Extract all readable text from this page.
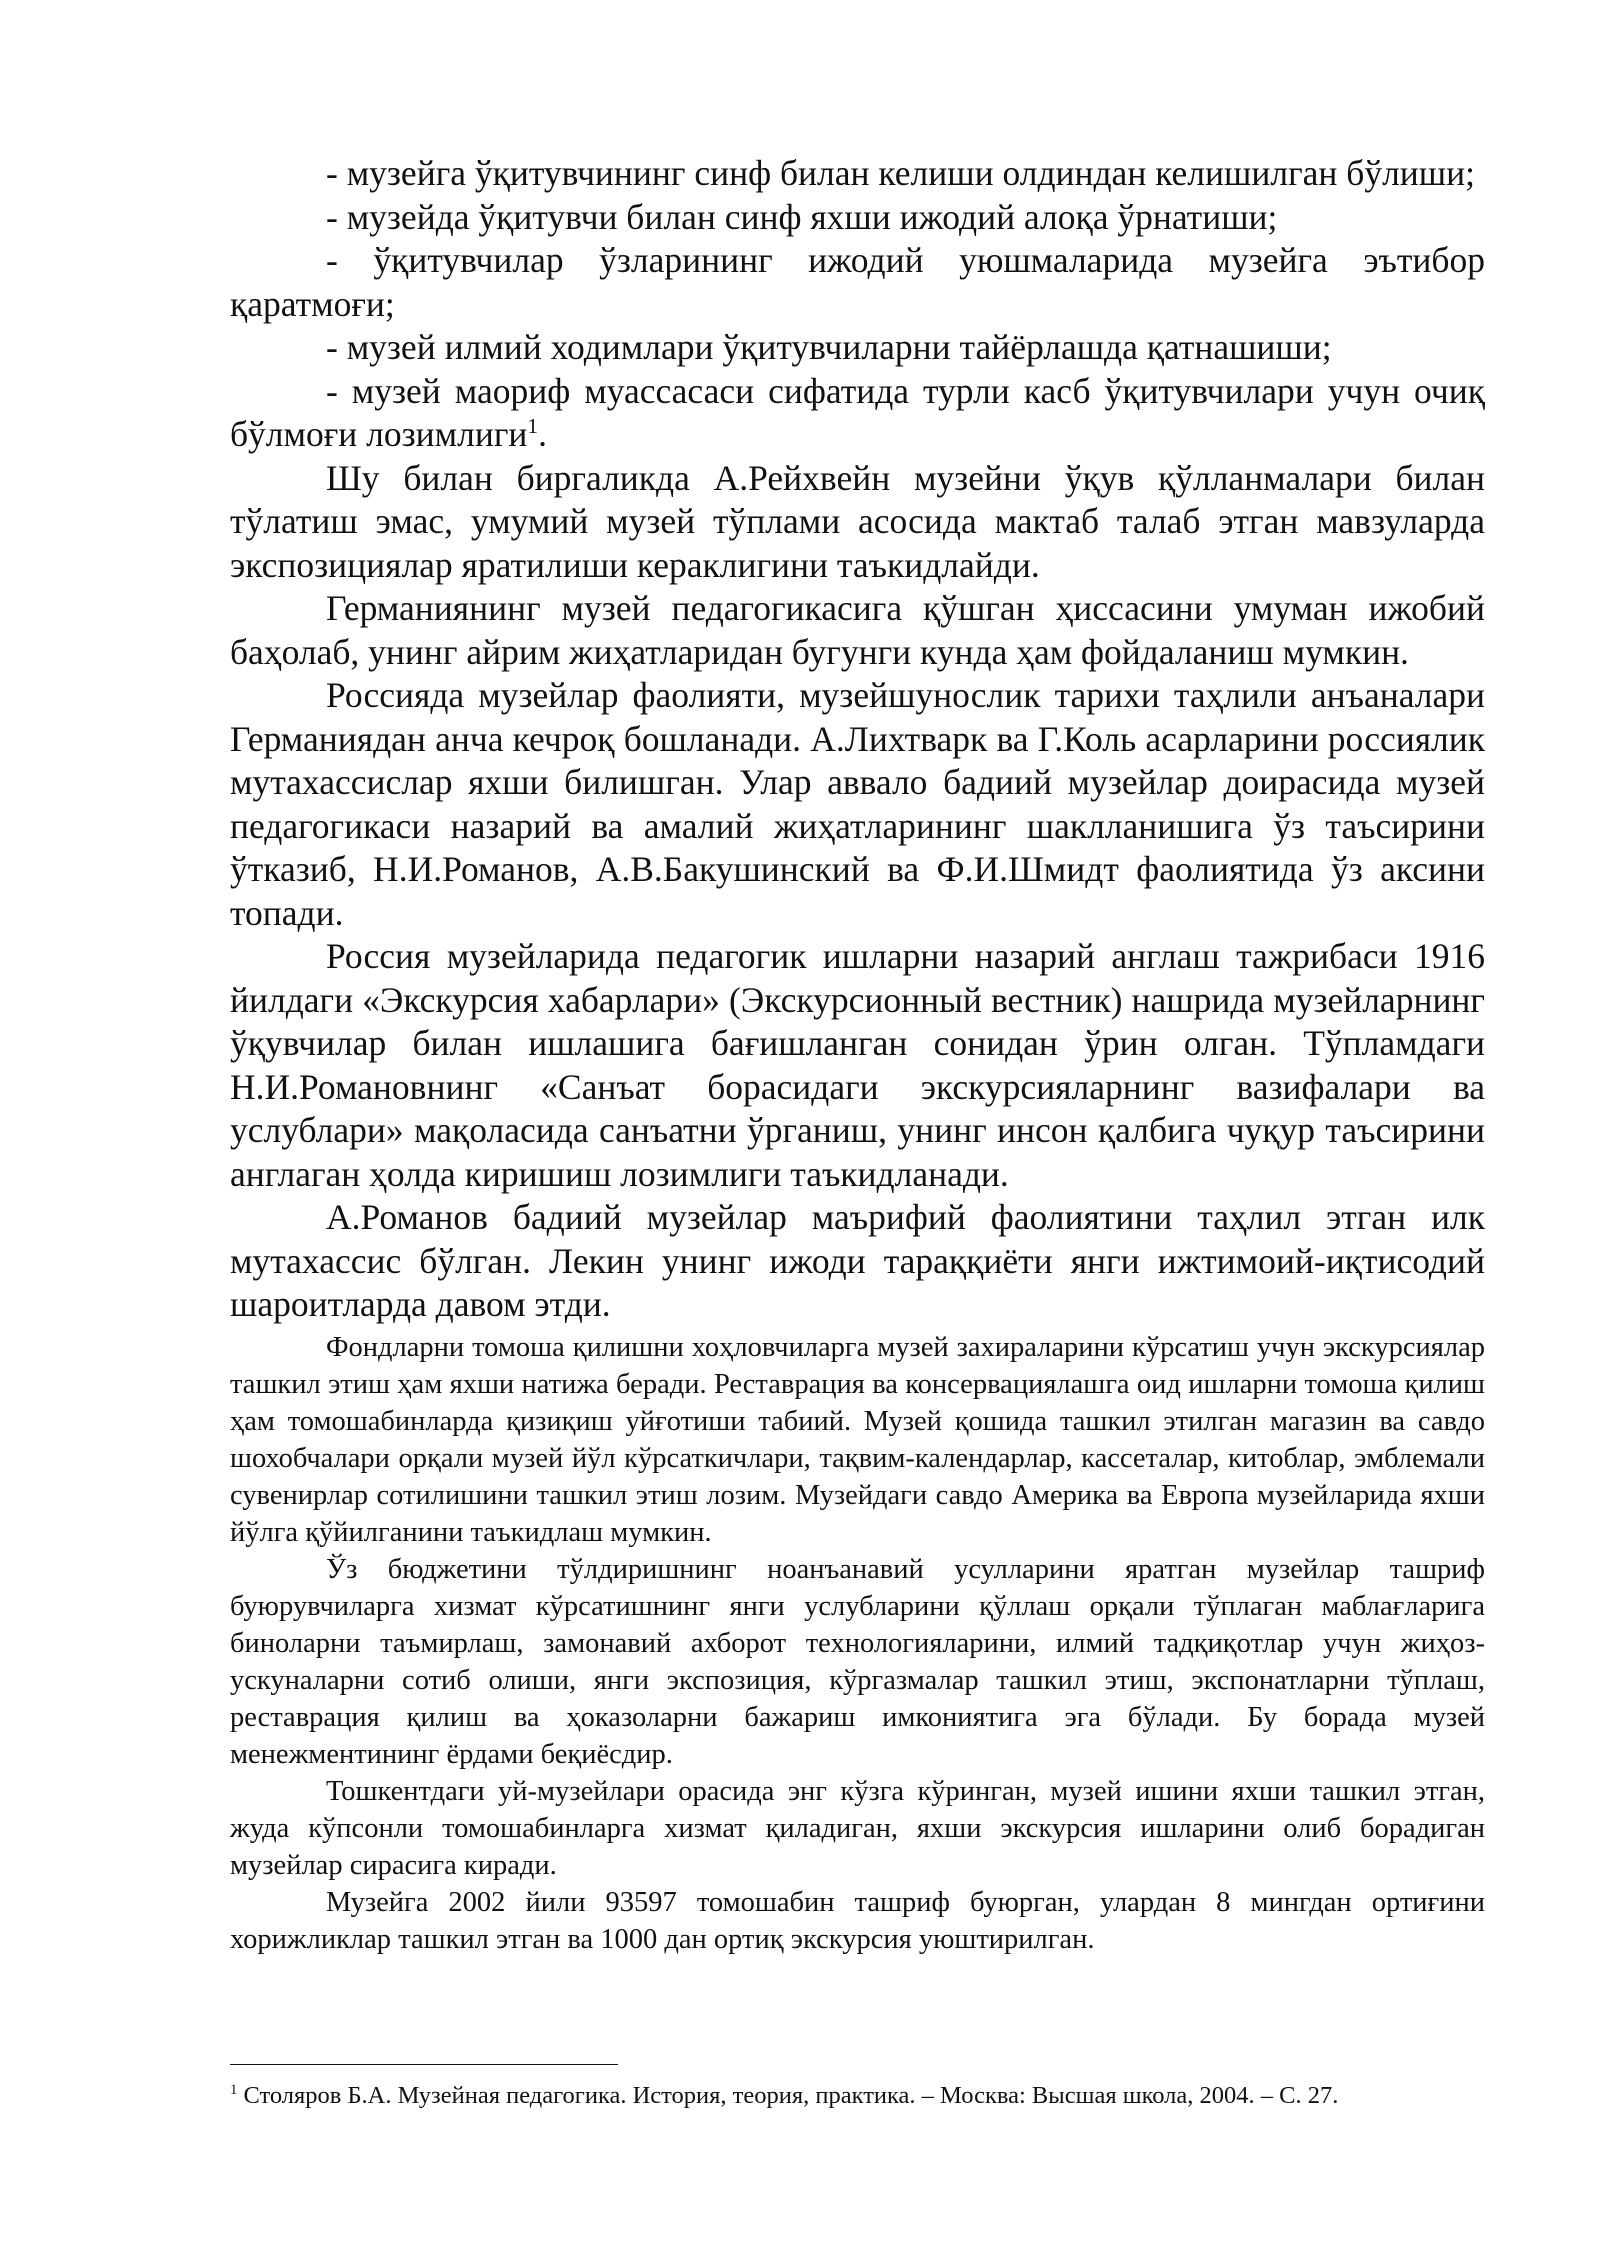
- музейга ўқитувчининг синф билан келиши олдиндан келишилган бўлиши;

- музейда ўқитувчи билан синф яхши ижодий алоқа ўрнатиши;

- ўқитувчилар ўзларининг ижодий уюшмаларида музейга эътибор қаратмоғи;

- музей илмий ходимлари ўқитувчиларни тайёрлашда қатнашиши;

- музей маориф муассасаси сифатида турли касб ўқитувчилари учун очиқ бўлмоғи лозимлиги$^1$.

Шу билан биргаликда А.Рейхвейн музейни ўқув қўлланмалари билан тўлатиш эмас, умумий музей тўплами асосида мактаб талаб этган мавзуларда экспозициялар яратилиши кераклигини таъкидлайди.

Германиянинг музей педагогикасига қўшган ҳиссасини умуман ижобий баҳолаб, унинг айрим жиҳатларидан бугунги кунда ҳам фойдаланиш мумкин.

Россияда музейлар фаолияти, музейшунослик тарихи таҳлили анъаналари Германиядан анча кечроқ бошланади. А.Лихтварк ва Г.Коль асарларини россиялик мутахассислар яхши билишган. Улар аввало бадиий музейлар доирасида музей педагогикаси назарий ва амалий жиҳатларининг шаклланишига ўз таъсирини ўтказиб, Н.И.Романов, А.В.Бакушинский ва Ф.И.Шмидт фаолиятида ўз аксини топади.

Россия музейларида педагогик ишларни назарий англаш тажрибаси 1916 йилдаги «Экскурсия хабарлари» (Экскурсионный вестник) нашрида музейларнинг ўқувчилар билан ишлашига бағишланган сонидан ўрин олган. Тўпламдаги Н.И.Романовнинг «Санъат борасидаги экскурсияларнинг вазифалари ва услублари» мақоласида санъатни ўрганиш, унинг инсон қалбига чуқур таъсирини англаган ҳолда киришиш лозимлиги таъкидланади.

А.Романов бадиий музейлар маърифий фаолиятини таҳлил этган илк мутахассис бўлган. Лекин унинг ижоди тараққиёти янги ижтимоий-иқтисодий шароитларда давом этди.

Фондларни томоша қилишни хоҳловчиларга музей захираларини кўрсатиш учун экскурсиялар ташкил этиш ҳам яхши натижа беради. Реставрация ва консервациялашга оид ишларни томоша қилиш ҳам томошабинларда қизиқиш уйғотиши табиий. Музей қошида ташкил этилган магазин ва савдо шохобчалари орқали музей йўл кўрсаткичлари, тақвим-календарлар, кассеталар, китоблар, эмблемали сувенирлар сотилишини ташкил этиш лозим. Музейдаги савдо Америка ва Европа музейларида яхши йўлга қўйилганини таъкидлаш мумкин.

Ўз бюджетини тўлдиришнинг ноанъанавий усулларини яратган музейлар ташриф буюрувчиларга хизмат кўрсатишнинг янги услубларини қўллаш орқали тўплаган маблағларига биноларни таъмирлаш, замонавий ахборот технологияларини, илмий тадқиқотлар учун жиҳоз-ускуналарни сотиб олиши, янги экспозиция, кўргазмалар ташкил этиш, экспонатларни тўплаш, реставрация қилиш ва ҳоказоларни бажариш имкониятига эга бўлади. Бу борада музей менежментининг ёрдами беқиёсдир.

Тошкентдаги уй-музейлари орасида энг кўзга кўринган, музей ишини яхши ташкил этган, жуда кўпсонли томошабинларга хизмат қиладиган, яхши экскурсия ишларини олиб борадиган музейлар сирасига киради.

Музейга 2002 йили 93597 томошабин ташриф буюрган, улардан 8 мингдан ортиғини хорижликлар ташкил этган ва 1000 дан ортиқ экскурсия уюштирилган.

$^1$ Столяров Б.А. Музейная педагогика. История, теория, практика. – Москва: Высшая школа, 2004. – С. 27.
